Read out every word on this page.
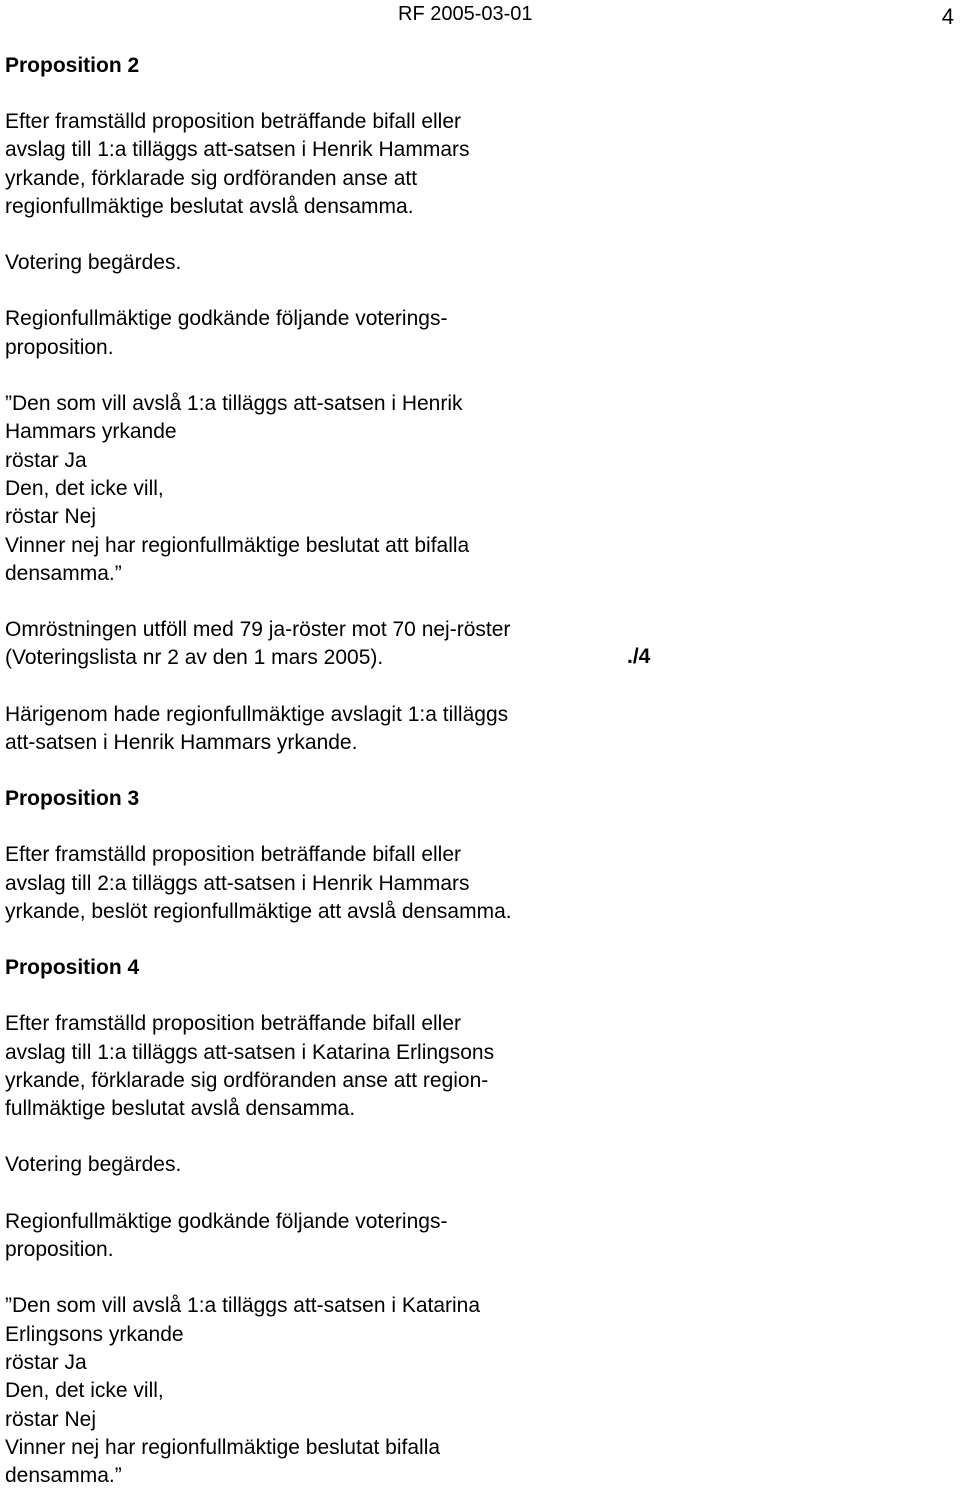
RF 2005-03-01	4
./4
Proposition 2

Efter framställd proposition beträffande bifall eller
avslag till 1:a tilläggs att-satsen i Henrik Hammars
yrkande, förklarade sig ordföranden anse att
regionfullmäktige beslutat avslå densamma.

Votering begärdes.

Regionfullmäktige godkände följande voterings-
proposition.

”Den som vill avslå 1:a tilläggs att-satsen i Henrik
Hammars yrkande
röstar Ja
Den, det icke vill,
röstar Nej
Vinner nej har regionfullmäktige beslutat att bifalla
densamma.”

Omröstningen utföll med 79 ja-röster mot 70 nej-röster
(Voteringslista nr 2 av den 1 mars 2005).

Härigenom hade regionfullmäktige avslagit 1:a tilläggs
att-satsen i Henrik Hammars yrkande.

Proposition 3

Efter framställd proposition beträffande bifall eller
avslag till 2:a tilläggs att-satsen i Henrik Hammars
yrkande, beslöt regionfullmäktige att avslå densamma.

Proposition 4

Efter framställd proposition beträffande bifall eller
avslag till 1:a tilläggs att-satsen i Katarina Erlingsons
yrkande, förklarade sig ordföranden anse att region-
fullmäktige beslutat avslå densamma.

Votering begärdes.

Regionfullmäktige godkände följande voterings-
proposition.

”Den som vill avslå 1:a tilläggs att-satsen i Katarina
Erlingsons yrkande
röstar Ja
Den, det icke vill,
röstar Nej
Vinner nej har regionfullmäktige beslutat bifalla
densamma.”
